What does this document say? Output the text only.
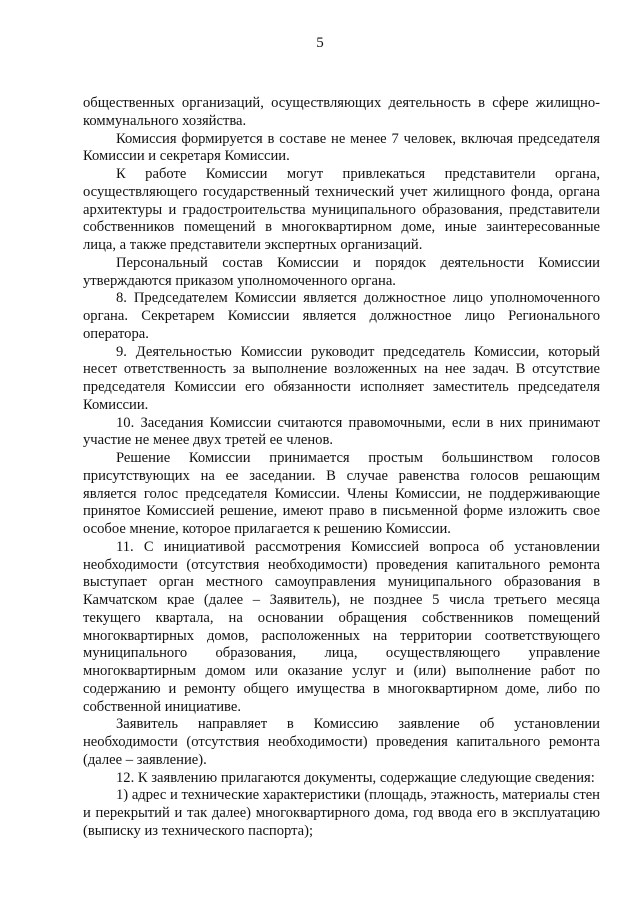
5

общественных организаций, осуществляющих деятельность в сфере жилищно-коммунального хозяйства.

Комиссия формируется в составе не менее 7 человек, включая председателя Комиссии и секретаря Комиссии.

К работе Комиссии могут привлекаться представители органа, осуществляющего государственный технический учет жилищного фонда, органа архитектуры и градостроительства муниципального образования, представители собственников помещений в многоквартирном доме, иные заинтересованные лица, а также представители экспертных организаций.

Персональный состав Комиссии и порядок деятельности Комиссии утверждаются приказом уполномоченного органа.

8. Председателем Комиссии является должностное лицо уполномоченного органа. Секретарем Комиссии является должностное лицо Регионального оператора.

9. Деятельностью Комиссии руководит председатель Комиссии, который несет ответственность за выполнение возложенных на нее задач. В отсутствие председателя Комиссии его обязанности исполняет заместитель председателя Комиссии.

10. Заседания Комиссии считаются правомочными, если в них принимают участие не менее двух третей ее членов.

Решение Комиссии принимается простым большинством голосов присутствующих на ее заседании. В случае равенства голосов решающим является голос председателя Комиссии. Члены Комиссии, не поддерживающие принятое Комиссией решение, имеют право в письменной форме изложить свое особое мнение, которое прилагается к решению Комиссии.

11. С инициативой рассмотрения Комиссией вопроса об установлении необходимости (отсутствия необходимости) проведения капитального ремонта выступает орган местного самоуправления муниципального образования в Камчатском крае (далее – Заявитель), не позднее 5 числа третьего месяца текущего квартала, на основании обращения собственников помещений многоквартирных домов, расположенных на территории соответствующего муниципального образования, лица, осуществляющего управление многоквартирным домом или оказание услуг и (или) выполнение работ по содержанию и ремонту общего имущества в многоквартирном доме, либо по собственной инициативе.

Заявитель направляет в Комиссию заявление об установлении необходимости (отсутствия необходимости) проведения капитального ремонта (далее – заявление).

12. К заявлению прилагаются документы, содержащие следующие сведения:

1) адрес и технические характеристики (площадь, этажность, материалы стен и перекрытий и так далее) многоквартирного дома, год ввода его в эксплуатацию (выписку из технического паспорта);
